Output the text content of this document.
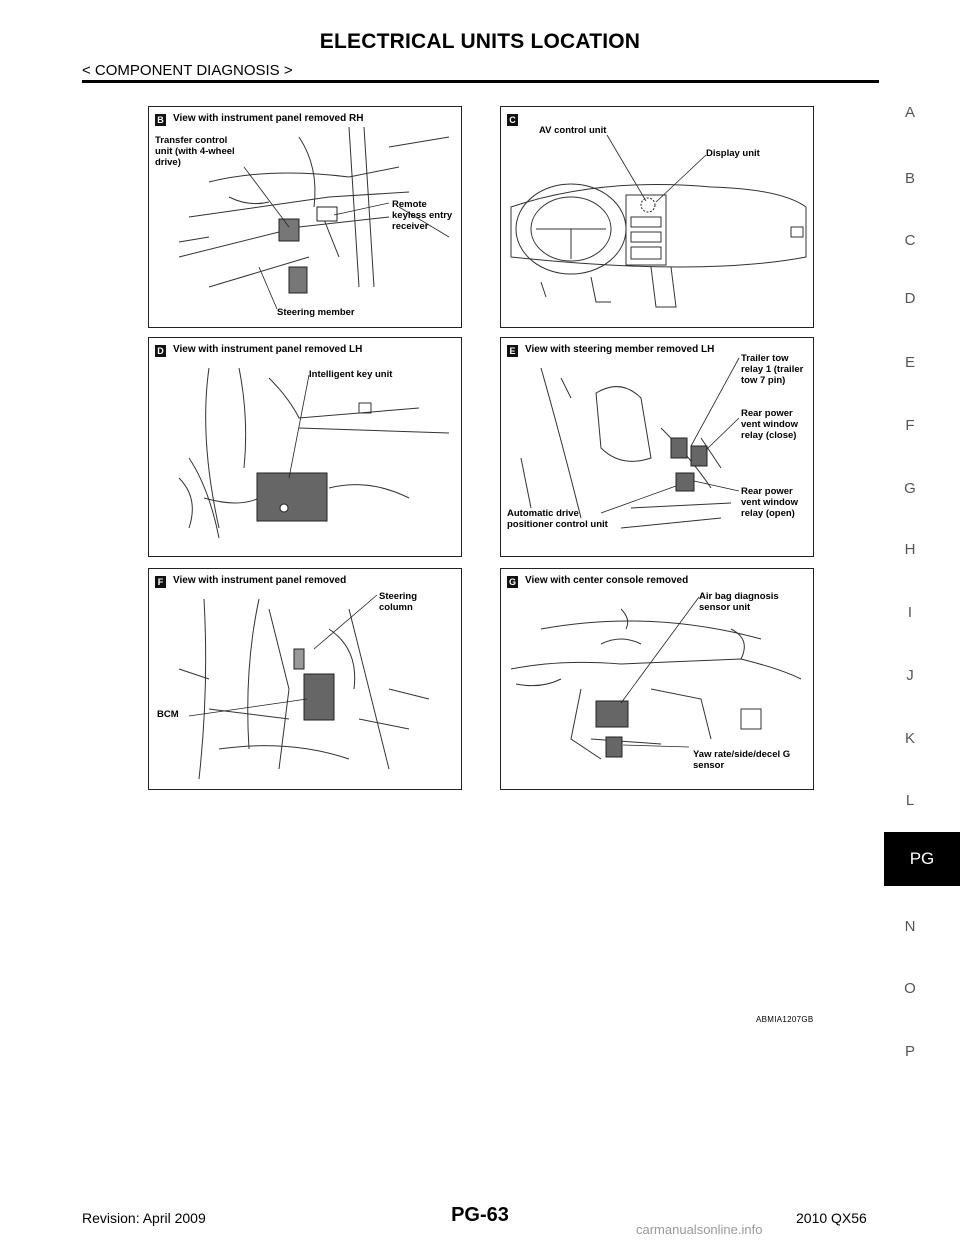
ELECTRICAL UNITS LOCATION
< COMPONENT DIAGNOSIS >
A
B
C
D
E
F
G
H
I
J
K
L
N
O
P
PG
B View with instrument panel removed RH
Transfer control
unit (with 4-wheel
drive)
Remote
keyless entry
receiver
Steering member
C
AV control unit
Display unit
D View with instrument panel removed LH
Intelligent key unit
E View with steering member removed LH
Trailer tow
relay 1 (trailer
tow 7 pin)
Rear power
vent window
relay (close)
Rear power
vent window
relay (open)
Automatic drive
positioner control unit
F View with instrument panel removed
Steering
column
BCM
G View with center console removed
Air bag diagnosis
sensor unit
Yaw rate/side/decel G
sensor
ABMIA1207GB
Revision: April 2009	PG-63	2010 QX56
carmanualsonline.info
